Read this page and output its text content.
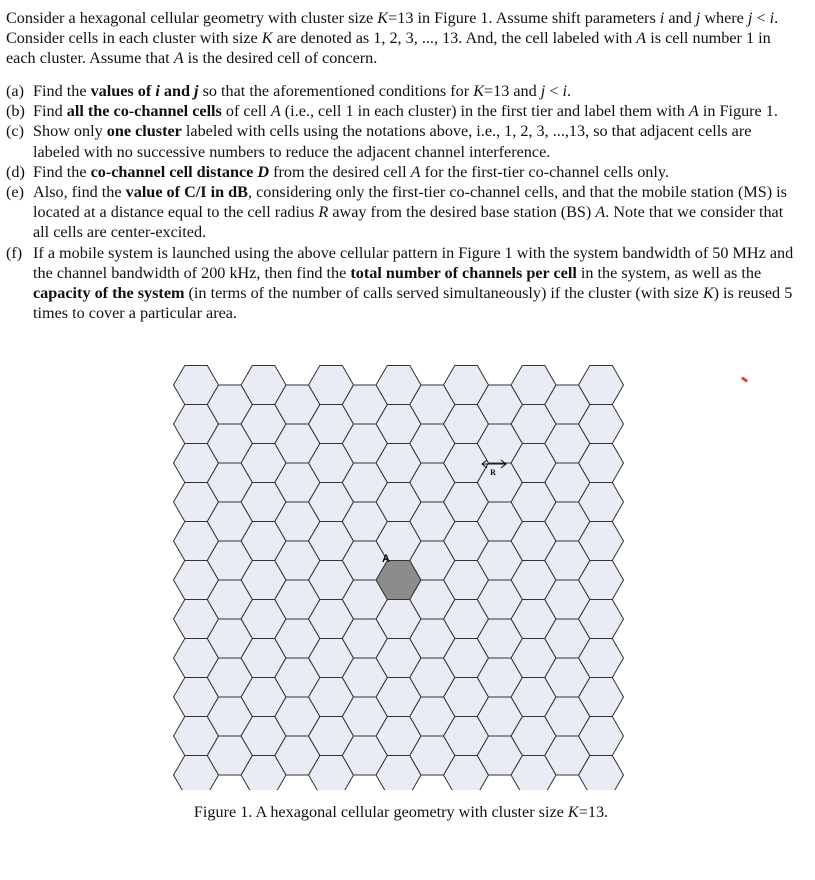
Consider a hexagonal cellular geometry with cluster size K=13 in Figure 1. Assume shift parameters i and j where j < i. Consider cells in each cluster with size K are denoted as 1, 2, 3, ..., 13. And, the cell labeled with A is cell number 1 in each cluster. Assume that A is the desired cell of concern.
(a) Find the values of i and j so that the aforementioned conditions for K=13 and j < i.
(b) Find all the co-channel cells of cell A (i.e., cell 1 in each cluster) in the first tier and label them with A in Figure 1.
(c) Show only one cluster labeled with cells using the notations above, i.e., 1, 2, 3, ...,13, so that adjacent cells are labeled with no successive numbers to reduce the adjacent channel interference.
(d) Find the co-channel cell distance D from the desired cell A for the first-tier co-channel cells only.
(e) Also, find the value of C/I in dB, considering only the first-tier co-channel cells, and that the mobile station (MS) is located at a distance equal to the cell radius R away from the desired base station (BS) A. Note that we consider that all cells are center-excited.
(f) If a mobile system is launched using the above cellular pattern in Figure 1 with the system bandwidth of 50 MHz and the channel bandwidth of 200 kHz, then find the total number of channels per cell in the system, as well as the capacity of the system (in terms of the number of calls served simultaneously) if the cluster (with size K) is reused 5 times to cover a particular area.
A
R
Figure 1. A hexagonal cellular geometry with cluster size K=13.
